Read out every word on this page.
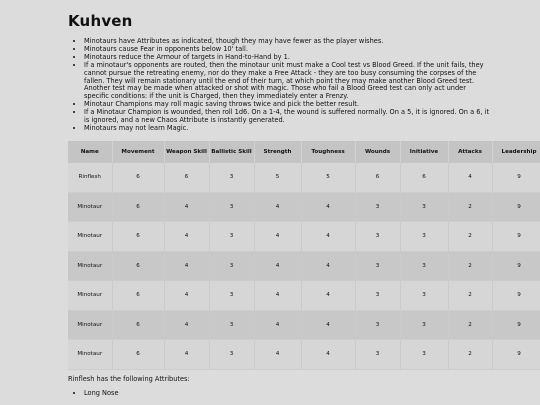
Kuhven
• Minotaurs have Attributes as indicated, though they may have fewer as the player wishes.
• Minotaurs cause Fear in opponents below 10' tall.
• Minotaurs reduce the Armour of targets in Hand-to-Hand by 1.
• If a minotaur's opponents are routed, then the minotaur unit must make a Cool test vs Blood Greed. If the unit fails, they cannot pursue the retreating enemy, nor do they make a Free Attack - they are too busy consuming the corpses of the fallen. They will remain stationary until the end of their turn, at which point they may make another Blood Greed test. Another test may be made when attacked or shot with magic. Those who fail a Blood Greed test can only act under specific conditions: if the unit is Charged, then they immediately enter a Frenzy.
• Minotaur Champions may roll magic saving throws twice and pick the better result.
• If a Minotaur Champion is wounded, then roll 1d6. On a 1-4, the wound is suffered normally. On a 5, it is ignored. On a 6, it is ignored, and a new Chaos Attribute is instantly generated.
• Minotaurs may not learn Magic.
Name	Movement	Weapon Skill	Ballistic Skill	Strength	Toughness	Wounds	Initiative	Attacks	Leadership
Rinflesh	6	6	3	5	5	6	6	4	9
Minotaur	6	4	3	4	4	3	3	2	9
Minotaur	6	4	3	4	4	3	3	2	9
Minotaur	6	4	3	4	4	3	3	2	9
Minotaur	6	4	3	4	4	3	3	2	9
Minotaur	6	4	3	4	4	3	3	2	9
Minotaur	6	4	3	4	4	3	3	2	9

Rinflesh has the following Attributes:

• Long Nose
